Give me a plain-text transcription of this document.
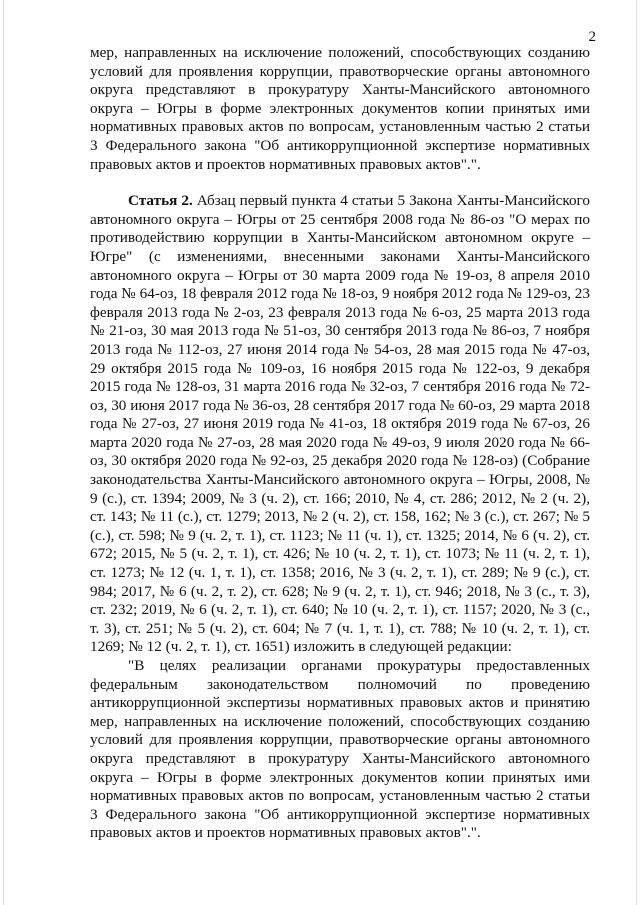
2

мер, направленных на исключение положений, способствующих созданию условий для проявления коррупции, правотворческие органы автономного округа представляют в прокуратуру Ханты-Мансийского автономного округа – Югры в форме электронных документов копии принятых ими нормативных правовых актов по вопросам, установленным частью 2 статьи 3 Федерального закона "Об антикоррупционной экспертизе нормативных правовых актов и проектов нормативных правовых актов".".

Статья 2. Абзац первый пункта 4 статьи 5 Закона Ханты-Мансийского автономного округа – Югры от 25 сентября 2008 года № 86-оз "О мерах по противодействию коррупции в Ханты-Мансийском автономном округе – Югре" (с изменениями, внесенными законами Ханты-Мансийского автономного округа – Югры от 30 марта 2009 года № 19-оз, 8 апреля 2010 года № 64-оз, 18 февраля 2012 года № 18-оз, 9 ноября 2012 года № 129-оз, 23 февраля 2013 года № 2-оз, 23 февраля 2013 года № 6-оз, 25 марта 2013 года № 21-оз, 30 мая 2013 года № 51-оз, 30 сентября 2013 года № 86-оз, 7 ноября 2013 года № 112-оз, 27 июня 2014 года № 54-оз, 28 мая 2015 года № 47-оз, 29 октября 2015 года № 109-оз, 16 ноября 2015 года № 122-оз, 9 декабря 2015 года № 128-оз, 31 марта 2016 года № 32-оз, 7 сентября 2016 года № 72-оз, 30 июня 2017 года № 36-оз, 28 сентября 2017 года № 60-оз, 29 марта 2018 года № 27-оз, 27 июня 2019 года № 41-оз, 18 октября 2019 года № 67-оз, 26 марта 2020 года № 27-оз, 28 мая 2020 года № 49-оз, 9 июля 2020 года № 66-оз, 30 октября 2020 года № 92-оз, 25 декабря 2020 года № 128-оз) (Собрание законодательства Ханты-Мансийского автономного округа – Югры, 2008, № 9 (с.), ст. 1394; 2009, № 3 (ч. 2), ст. 166; 2010, № 4, ст. 286; 2012, № 2 (ч. 2), ст. 143; № 11 (с.), ст. 1279; 2013, № 2 (ч. 2), ст. 158, 162; № 3 (с.), ст. 267; № 5 (с.), ст. 598; № 9 (ч. 2, т. 1), ст. 1123; № 11 (ч. 1), ст. 1325; 2014, № 6 (ч. 2), ст. 672; 2015, № 5 (ч. 2, т. 1), ст. 426; № 10 (ч. 2, т. 1), ст. 1073; № 11 (ч. 2, т. 1), ст. 1273; № 12 (ч. 1, т. 1), ст. 1358; 2016, № 3 (ч. 2, т. 1), ст. 289; № 9 (с.), ст. 984; 2017, № 6 (ч. 2, т. 2), ст. 628; № 9 (ч. 2, т. 1), ст. 946; 2018, № 3 (с., т. 3), ст. 232; 2019, № 6 (ч. 2, т. 1), ст. 640; № 10 (ч. 2, т. 1), ст. 1157; 2020, № 3 (с., т. 3), ст. 251; № 5 (ч. 2), ст. 604; № 7 (ч. 1, т. 1), ст. 788; № 10 (ч. 2, т. 1), ст. 1269; № 12 (ч. 2, т. 1), ст. 1651) изложить в следующей редакции:

"В целях реализации органами прокуратуры предоставленных федеральным законодательством полномочий по проведению антикоррупционной экспертизы нормативных правовых актов и принятию мер, направленных на исключение положений, способствующих созданию условий для проявления коррупции, правотворческие органы автономного округа представляют в прокуратуру Ханты-Мансийского автономного округа – Югры в форме электронных документов копии принятых ими нормативных правовых актов по вопросам, установленным частью 2 статьи 3 Федерального закона "Об антикоррупционной экспертизе нормативных правовых актов и проектов нормативных правовых актов".".
